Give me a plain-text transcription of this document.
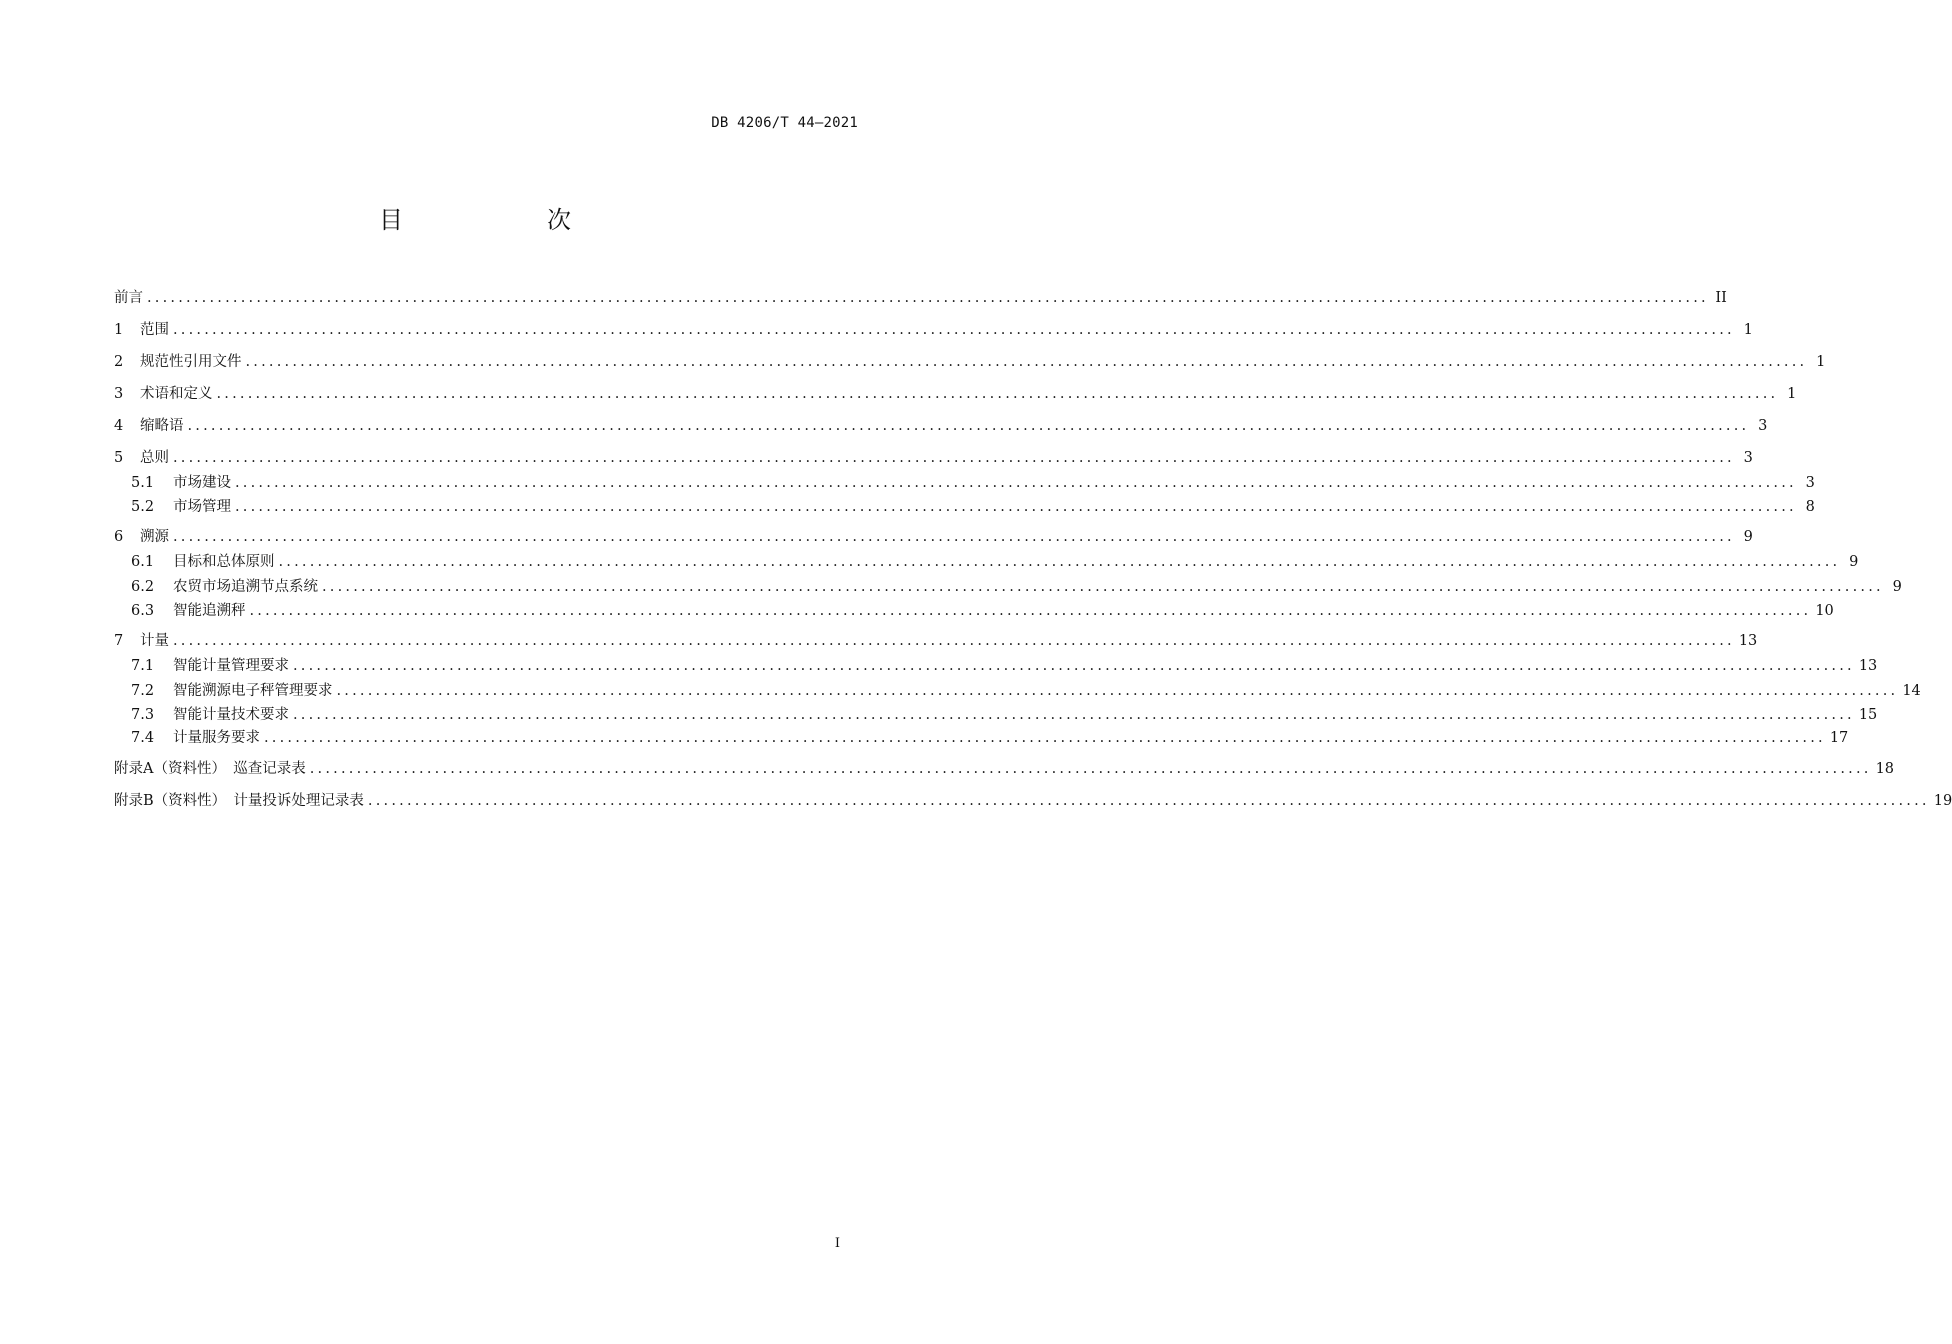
DB 4206/T 44—2021
目　次
前言 ........................................................................................................................................................................................................ II
1	范围 ........................................................................................................................................................................................................ 1
2	规范性引用文件 ........................................................................................................................................................................................................ 1
3	术语和定义 ........................................................................................................................................................................................................ 1
4	缩略语 ........................................................................................................................................................................................................ 3
5	总则 ........................................................................................................................................................................................................ 3
5.1	市场建设 ........................................................................................................................................................................................................ 3
5.2	市场管理 ........................................................................................................................................................................................................ 8
6	溯源 ........................................................................................................................................................................................................ 9
6.1	目标和总体原则 ........................................................................................................................................................................................................ 9
6.2	农贸市场追溯节点系统 ........................................................................................................................................................................................................ 9
6.3	智能追溯秤 ........................................................................................................................................................................................................ 10
7	计量 ........................................................................................................................................................................................................ 13
7.1	智能计量管理要求 ........................................................................................................................................................................................................ 13
7.2	智能溯源电子秤管理要求 ........................................................................................................................................................................................................ 14
7.3	智能计量技术要求 ........................................................................................................................................................................................................ 15
7.4	计量服务要求 ........................................................................................................................................................................................................ 17
附录A（资料性）　巡查记录表 ........................................................................................................................................................................................................ 18
附录B（资料性）　计量投诉处理记录表 ........................................................................................................................................................................................................ 19
I
